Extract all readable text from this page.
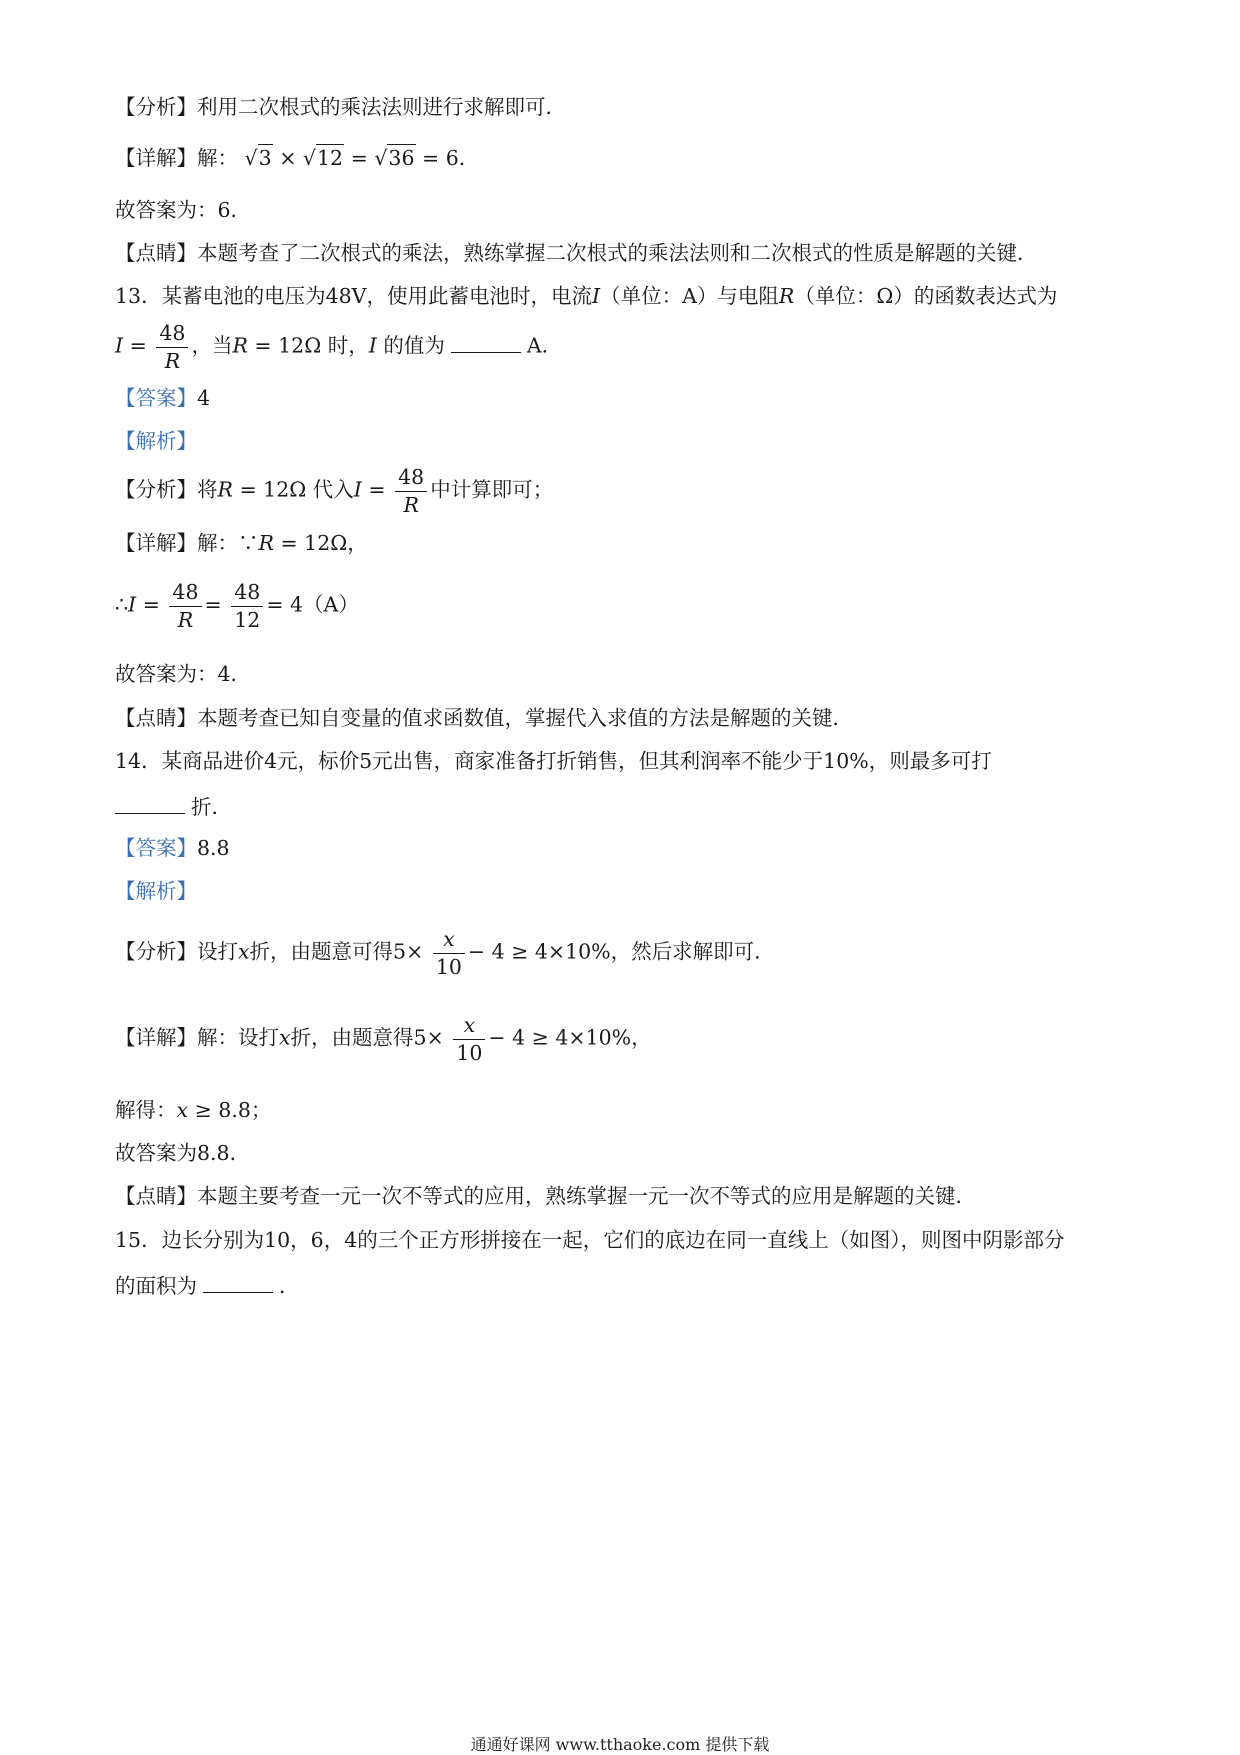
【分析】利用二次根式的乘法法则进行求解即可．
【详解】解： √3 × √12 = √36 = 6．
故答案为：6．
【点睛】本题考查了二次根式的乘法，熟练掌握二次根式的乘法法则和二次根式的性质是解题的关键．
13．某蓄电池的电压为48V，使用此蓄电池时，电流I（单位：A）与电阻R（单位：Ω）的函数表达式为
$I = \frac{48}{R}$ ，当R = 12Ω 时，I 的值为	A．
【答案】4
【解析】
【分析】将R = 12Ω 代入$I = \frac{48}{R}$ 中计算即可；
【详解】解：∵R = 12Ω，
∴I = $\frac{48}{R} = \frac{48}{12} = 4(A)$
故答案为：4．
【点睛】本题考查已知自变量的值求函数值，掌握代入求值的方法是解题的关键．
14．某商品进价4元，标价5元出售，商家准备打折销售，但其利润率不能少于10%，则最多可打
折．
【答案】8.8
【解析】
【分析】设打x折，由题意可得$5\times \frac{x}{10} - 4 \ge 4\times 10\%$，然后求解即可．
【详解】解：设打x折，由题意得$5\times \frac{x}{10} - 4 \ge 4\times 10\%$，
解得：x ≥ 8.8；
故答案为8.8．
【点睛】本题主要考查一元一次不等式的应用，熟练掌握一元一次不等式的应用是解题的关键．
15．边长分别为10，6，4的三个正方形拼接在一起，它们的底边在同一直线上（如图），则图中阴影部分
的面积为	．
通通好课网 www.tthaoke.com 提供下载
